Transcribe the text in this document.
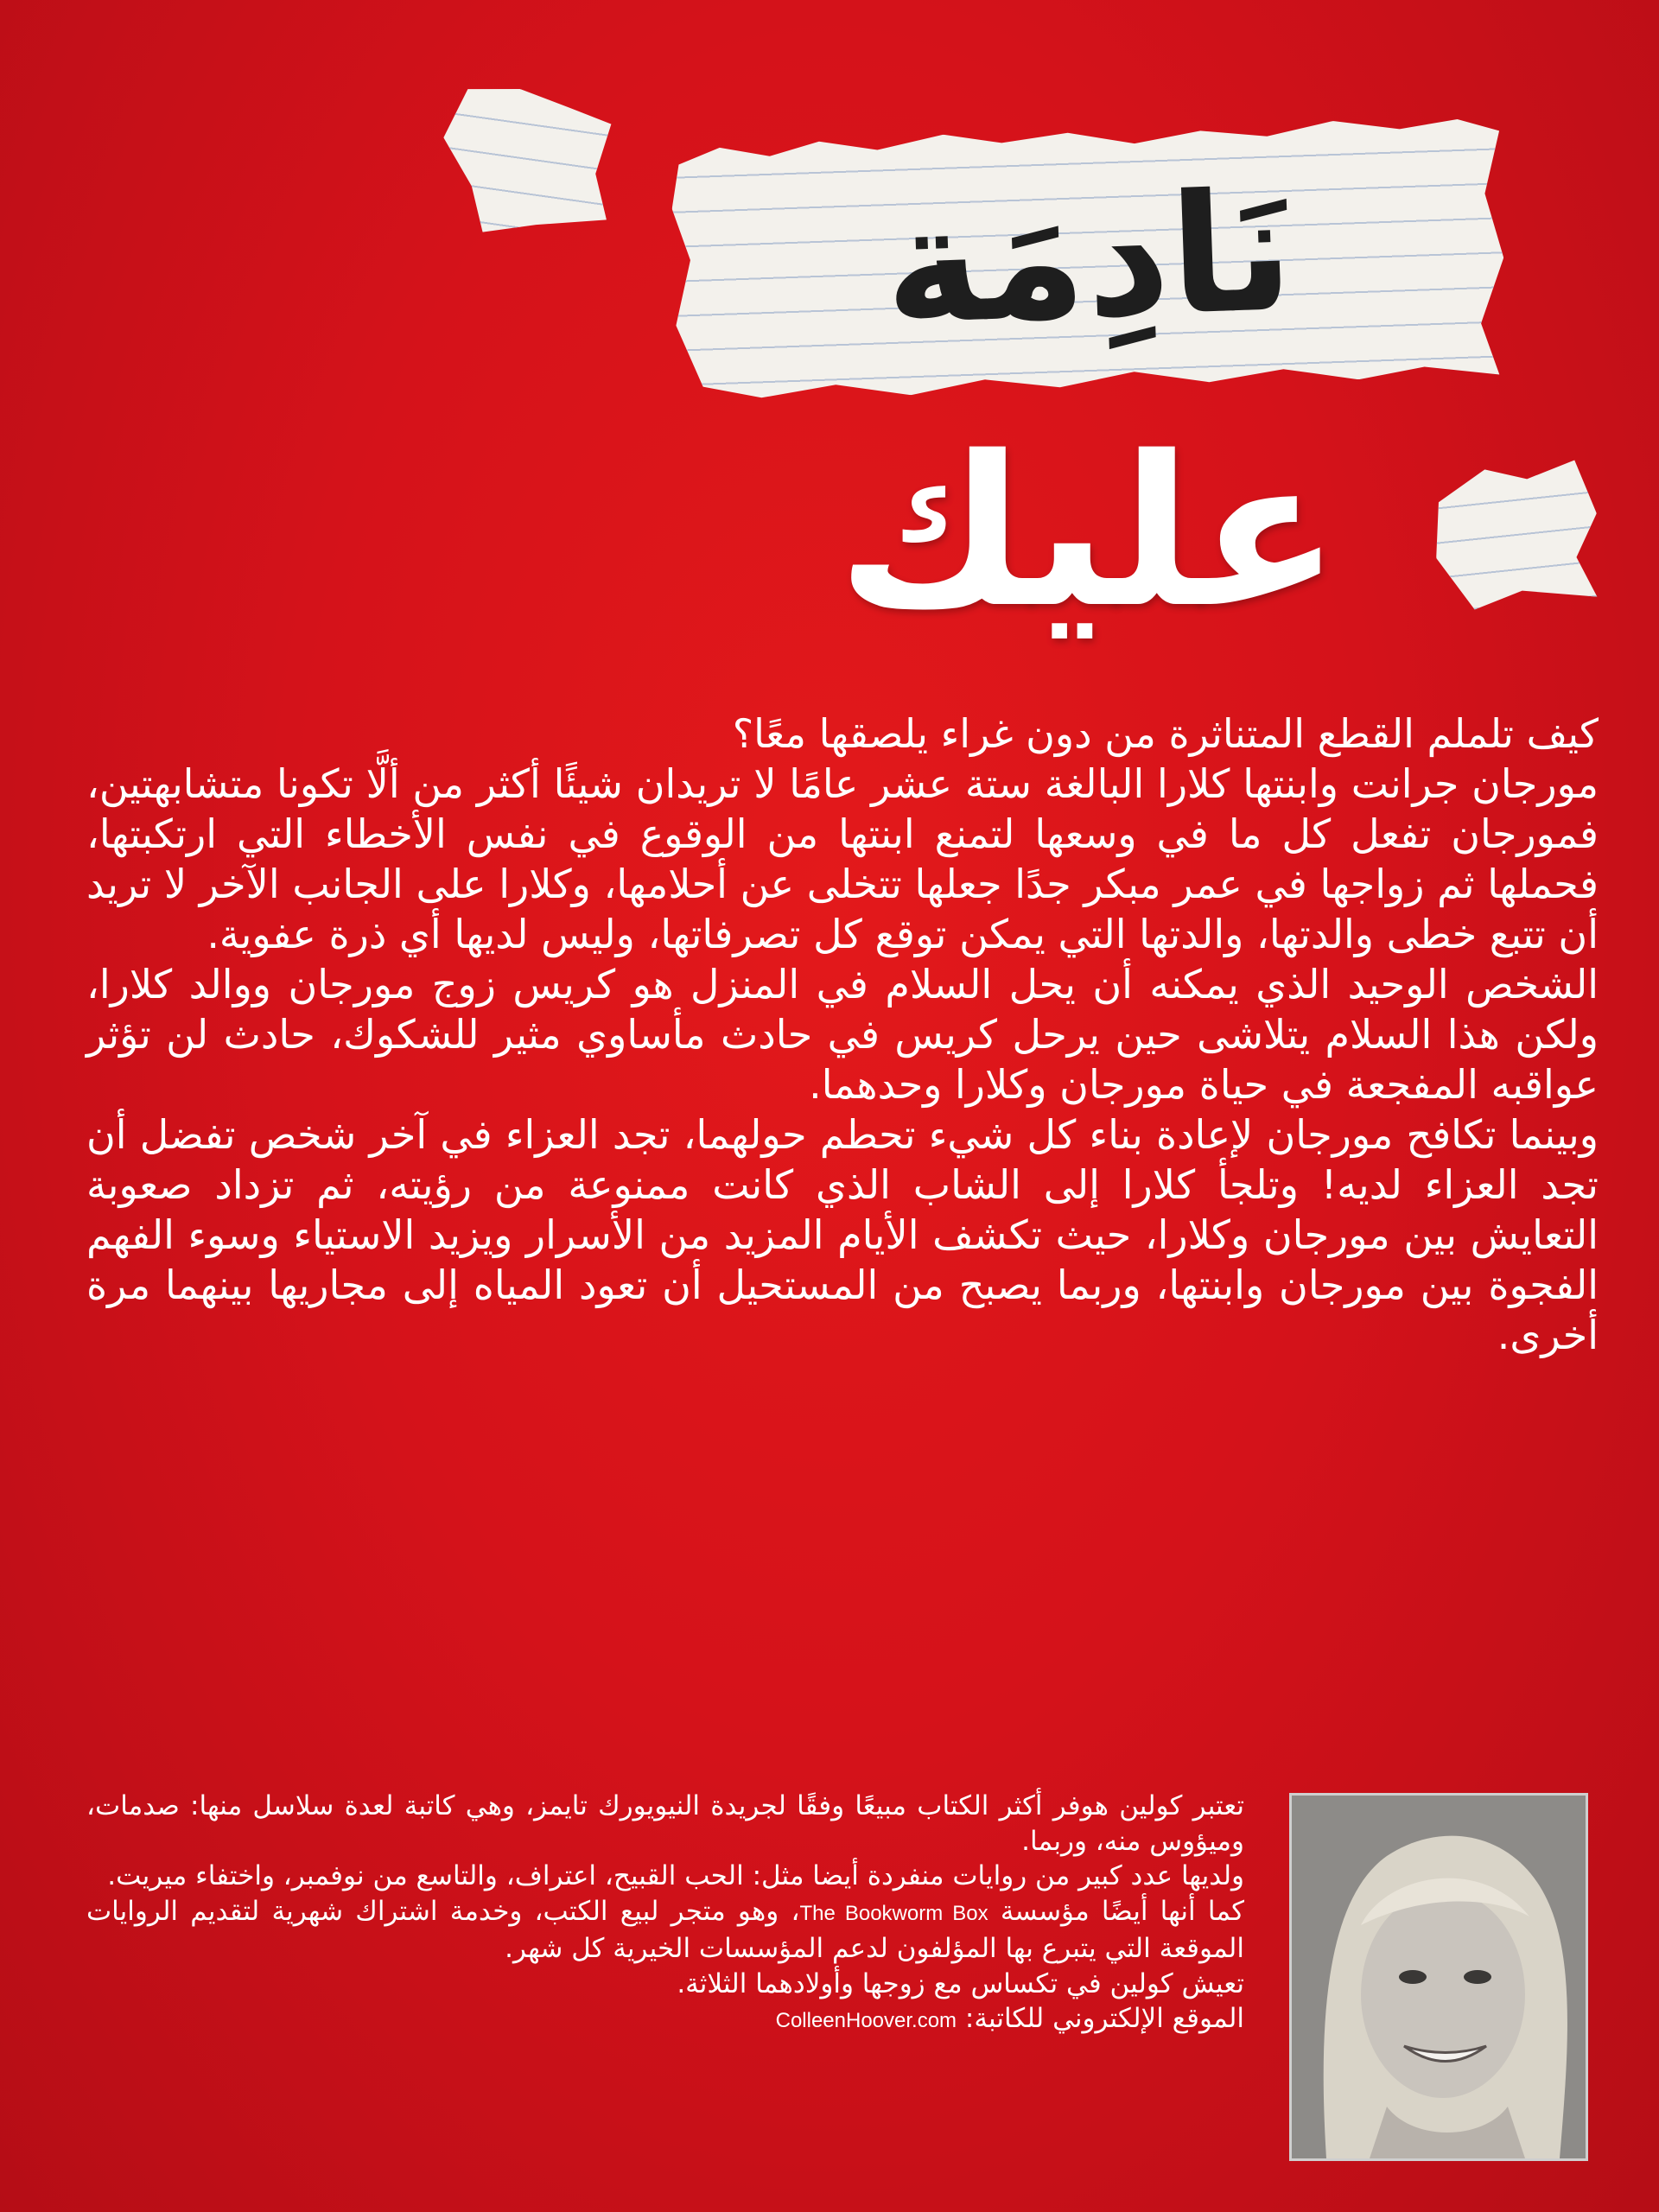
نَادِمَة
عليك

كيف تلملم القطع المتناثرة من دون غراء يلصقها معًا؟

مورجان جرانت وابنتها كلارا البالغة ستة عشر عامًا لا تريدان شيئًا أكثر من ألَّا تكونا متشابهتين، فمورجان تفعل كل ما في وسعها لتمنع ابنتها من الوقوع في نفس الأخطاء التي ارتكبتها، فحملها ثم زواجها في عمر مبكر جدًا جعلها تتخلى عن أحلامها، وكلارا على الجانب الآخر لا تريد أن تتبع خطى والدتها، والدتها التي يمكن توقع كل تصرفاتها، وليس لديها أي ذرة عفوية.

الشخص الوحيد الذي يمكنه أن يحل السلام في المنزل هو كريس زوج مورجان ووالد كلارا، ولكن هذا السلام يتلاشى حين يرحل كريس في حادث مأساوي مثير للشكوك، حادث لن تؤثر عواقبه المفجعة في حياة مورجان وكلارا وحدهما.

وبينما تكافح مورجان لإعادة بناء كل شيء تحطم حولهما، تجد العزاء في آخر شخص تفضل أن تجد العزاء لديه! وتلجأ كلارا إلى الشاب الذي كانت ممنوعة من رؤيته، ثم تزداد صعوبة التعايش بين مورجان وكلارا، حيث تكشف الأيام المزيد من الأسرار ويزيد الاستياء وسوء الفهم الفجوة بين مورجان وابنتها، وربما يصبح من المستحيل أن تعود المياه إلى مجاريها بينهما مرة أخرى.

تعتبر كولين هوفر أكثر الكتاب مبيعًا وفقًا لجريدة النيويورك تايمز، وهي كاتبة لعدة سلاسل منها: صدمات، وميؤوس منه، وربما.

ولديها عدد كبير من روايات منفردة أيضا مثل: الحب القبيح، اعتراف، والتاسع من نوفمبر، واختفاء ميريت.

كما أنها أيضًا مؤسسة The Bookworm Box، وهو متجر لبيع الكتب، وخدمة اشتراك شهرية لتقديم الروايات الموقعة التي يتبرع بها المؤلفون لدعم المؤسسات الخيرية كل شهر.

تعيش كولين في تكساس مع زوجها وأولادهما الثلاثة.

الموقع الإلكتروني للكاتبة: ColleenHoover.com
